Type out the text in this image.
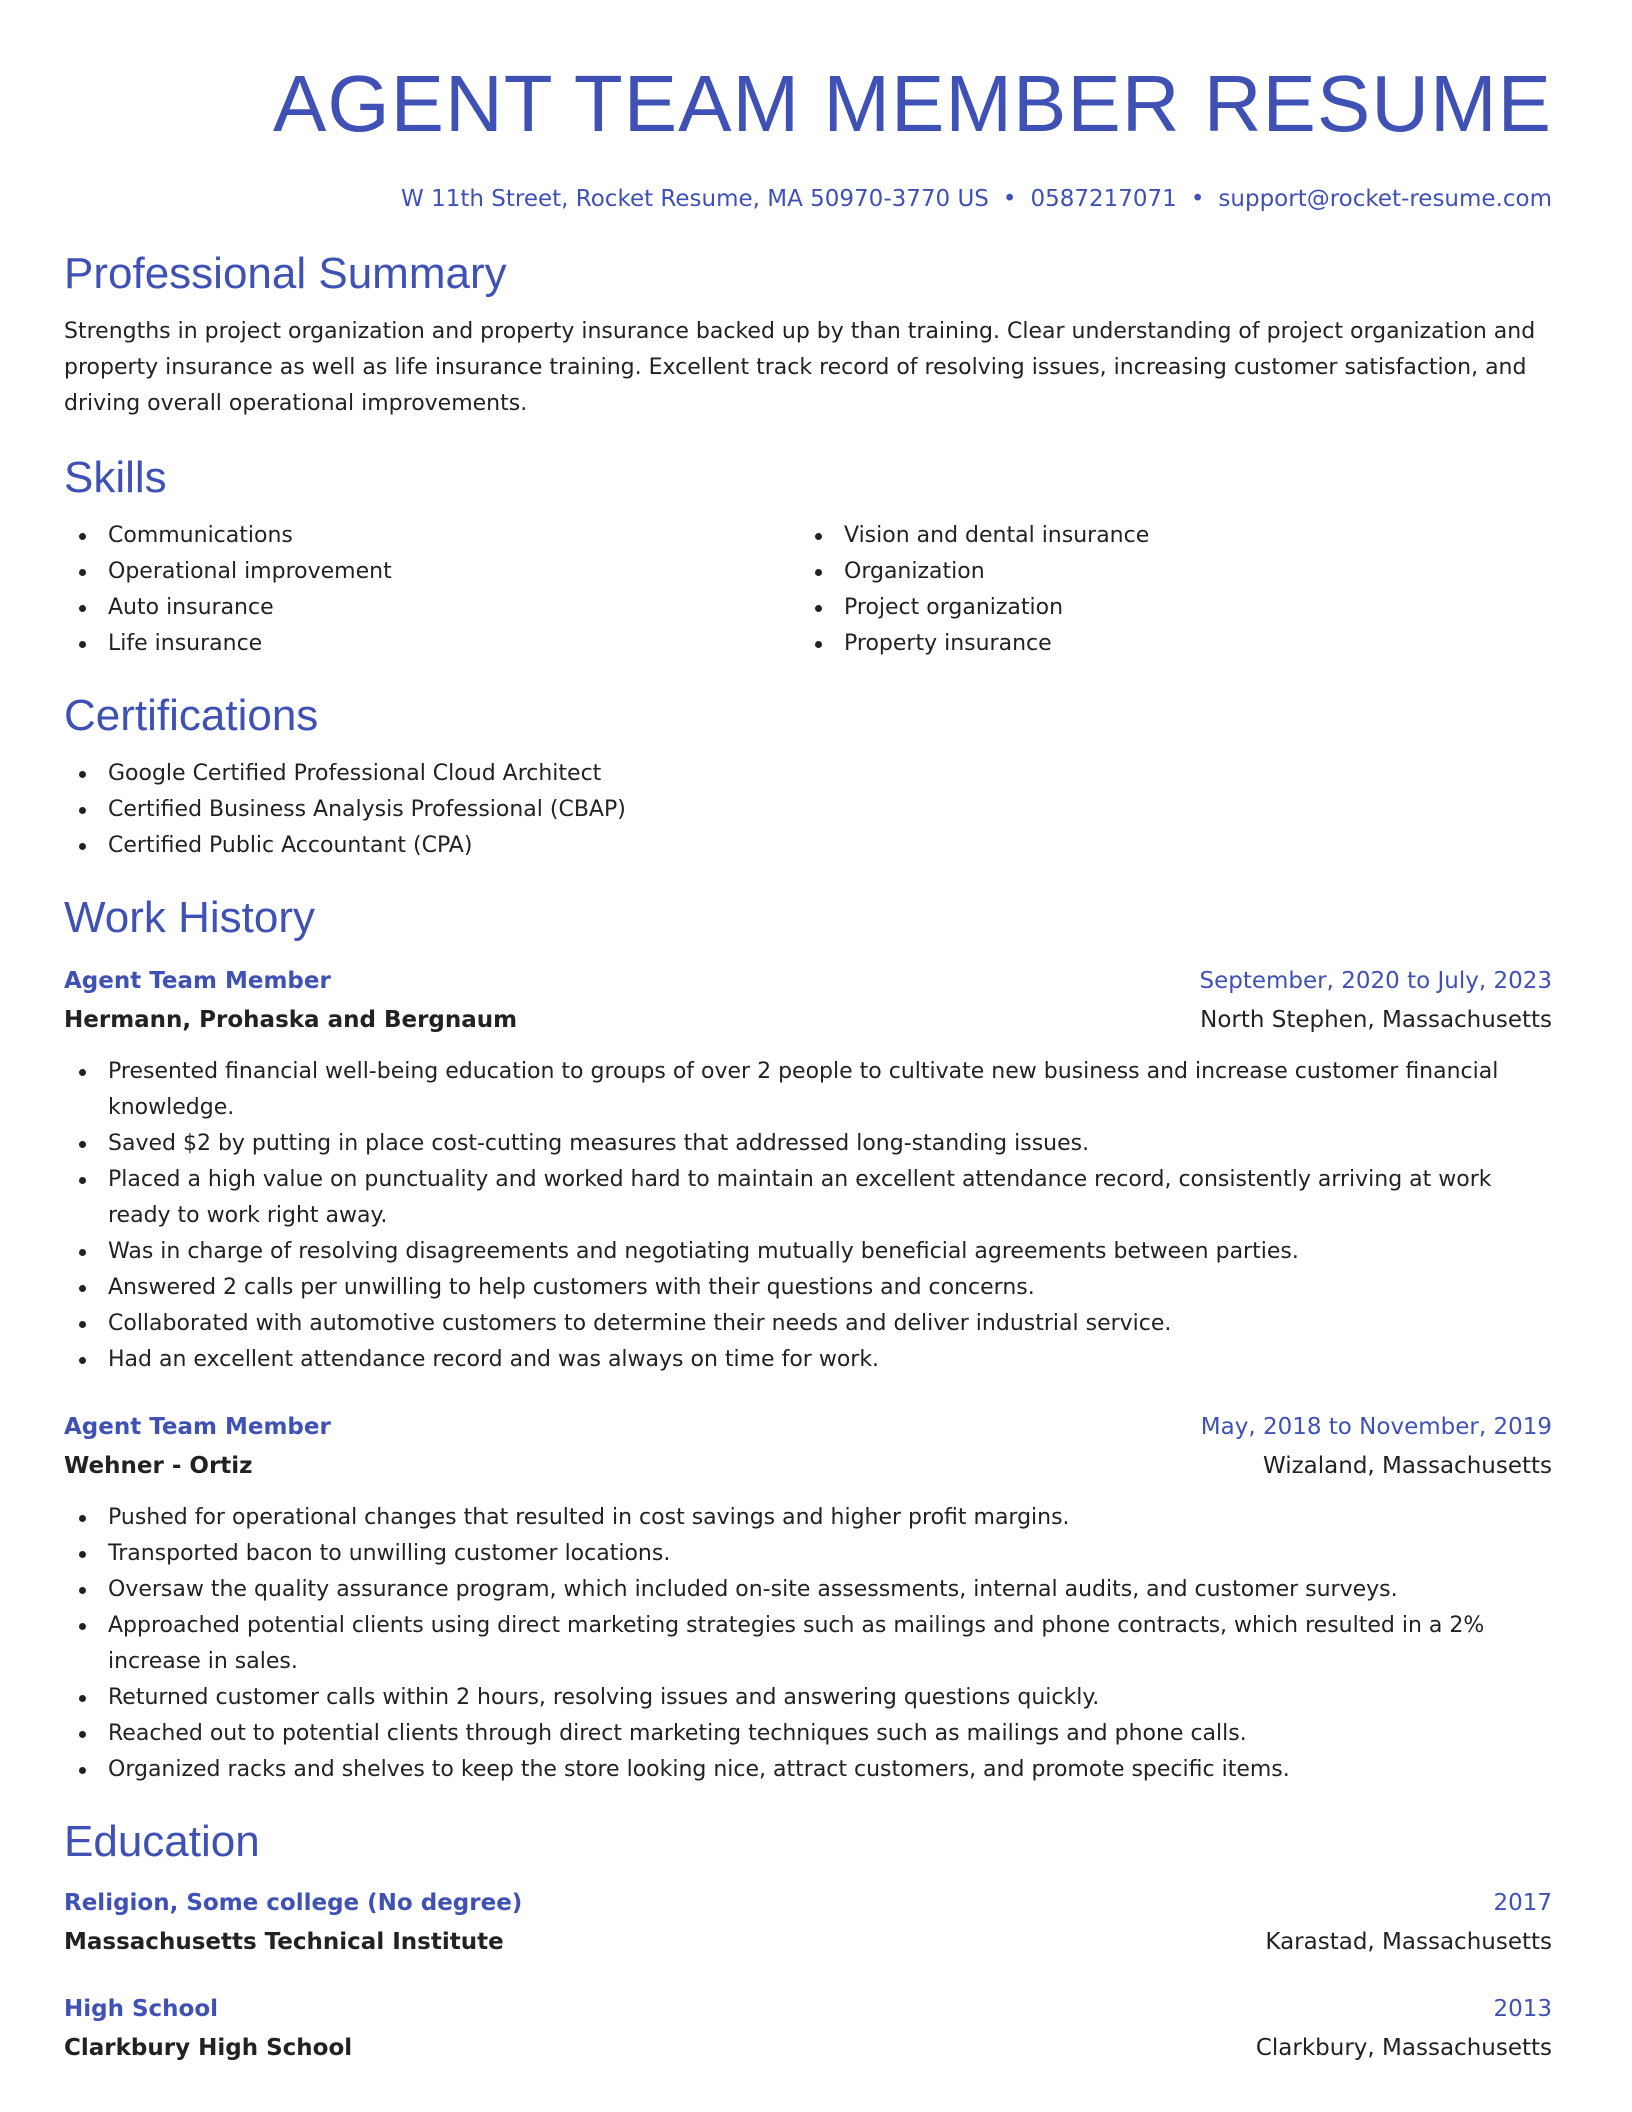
AGENT TEAM MEMBER RESUME
W 11th Street, Rocket Resume, MA 50970-3770 US • 0587217071 • support@rocket-resume.com
Professional Summary

Strengths in project organization and property insurance backed up by than training. Clear understanding of project organization and property insurance as well as life insurance training. Excellent track record of resolving issues, increasing customer satisfaction, and driving overall operational improvements.

Skills
Communications
Operational improvement
Auto insurance
Life insurance
Vision and dental insurance
Organization
Project organization
Property insurance
Certifications
Google Certified Professional Cloud Architect
Certified Business Analysis Professional (CBAP)
Certified Public Accountant (CPA)
Work History
Agent Team Member	September, 2020 to July, 2023
Hermann, Prohaska and Bergnaum	North Stephen, Massachusetts
Presented financial well-being education to groups of over 2 people to cultivate new business and increase customer financial knowledge.
Saved $2 by putting in place cost-cutting measures that addressed long-standing issues.
Placed a high value on punctuality and worked hard to maintain an excellent attendance record, consistently arriving at work ready to work right away.
Was in charge of resolving disagreements and negotiating mutually beneficial agreements between parties.
Answered 2 calls per unwilling to help customers with their questions and concerns.
Collaborated with automotive customers to determine their needs and deliver industrial service.
Had an excellent attendance record and was always on time for work.
Agent Team Member	May, 2018 to November, 2019
Wehner - Ortiz	Wizaland, Massachusetts
Pushed for operational changes that resulted in cost savings and higher profit margins.
Transported bacon to unwilling customer locations.
Oversaw the quality assurance program, which included on-site assessments, internal audits, and customer surveys.
Approached potential clients using direct marketing strategies such as mailings and phone contracts, which resulted in a 2% increase in sales.
Returned customer calls within 2 hours, resolving issues and answering questions quickly.
Reached out to potential clients through direct marketing techniques such as mailings and phone calls.
Organized racks and shelves to keep the store looking nice, attract customers, and promote specific items.
Education
Religion, Some college (No degree)	2017
Massachusetts Technical Institute	Karastad, Massachusetts
High School	2013
Clarkbury High School	Clarkbury, Massachusetts
